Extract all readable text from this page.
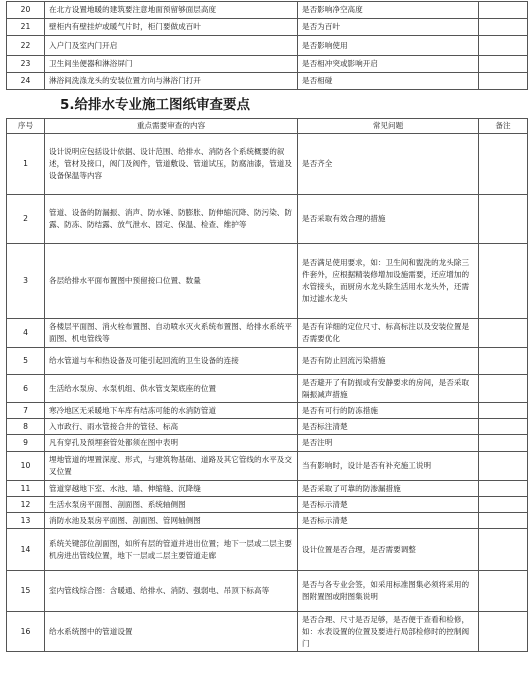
20	在北方设置地暖的建筑要注意地面预留够面层高度	是否影响净空高度	
21	壁柜内有壁挂炉或暖气片时，柜门要做成百叶	是否为百叶	
22	入户门及室内门开启	是否影响使用	
23	卫生间坐便器和淋浴屏门	是否相冲突或影响开启	
24	淋浴间洗涤龙头的安装位置方向与淋浴门打开	是否相碰	
5.给排水专业施工图纸审查要点
序号	重点需要审查的内容	常见问题	备注
1	设计说明应包括设计依据、设计范围、给排水、消防各个系统概要的叙述，管材及接口，阀门及阀件，管道敷设、管道试压，防腐油漆，管道及设备保温等内容	是否齐全	
2	管道、设备的防漏振、消声、防水锤、防膨胀、防伸缩沉降、防污染、防露、防冻、防结露、放气泄水、固定、保温、检查、维护等	是否采取有效合理的措施	
3	各层给排水平面布置图中预留接口位置、数量	是否满足使用要求，如：卫生间和盥洗的龙头除三件套外，应根据精装修增加设施需要，还应增加的水管接头，而厨房水龙头除生活用水龙头外，还需加过滤水龙头	
4	各楼层平面图、消火栓布置图、自动喷水灭火系统布置图、给排水系统平面图、机电管线等	是否有详细的定位尺寸、标高标注以及安装位置是否需要优化	
5	给水管道与车和热设备及可能引起回流的卫生设备的连接	是否有防止回流污染措施	
6	生活给水泵房、水泵机组、供水管支架底座的位置	是否避开了有防振或有安静要求的房间，是否采取隔振减声措施	
7	寒冷地区无采暖地下车库有结冻可能的水消防管道	是否有可行的防冻措施	
8	入市政行、雨水管接合井的管径、标高	是否标注清楚	
9	凡有穿孔及预埋套管处都须在图中表明	是否注明	
10	埋地管道的埋置深度、形式，与建筑物基础、道路及其它管线的水平及交叉位置	当有影响时，设计是否有补充施工说明	
11	管道穿越地下室、水池、墙、伸缩缝、沉降缝	是否采取了可靠的防渗漏措施	
12	生活水泵房平面图、剖面图、系统轴侧图	是否标示清楚	
13	消防水池及泵房平面图、剖面图、管网轴侧图	是否标示清楚	
14	系统关键部位剖面图，如所有层的管道并进出位置；地下一层或二层主要机房进出管线位置，地下一层或二层主要管道走廊	设计位置是否合理，是否需要调整	
15	室内管线综合图：含暖通、给排水、消防、强弱电、吊顶下标高等	是否与各专业会签，如采用标准图集必须将采用的图附置图或附图集说明	
16	给水系统图中的管道设置	是否合理、尺寸是否足够，是否便于查看和检修，如：水表设置的位置及要进行局部检修时的控制阀门	
